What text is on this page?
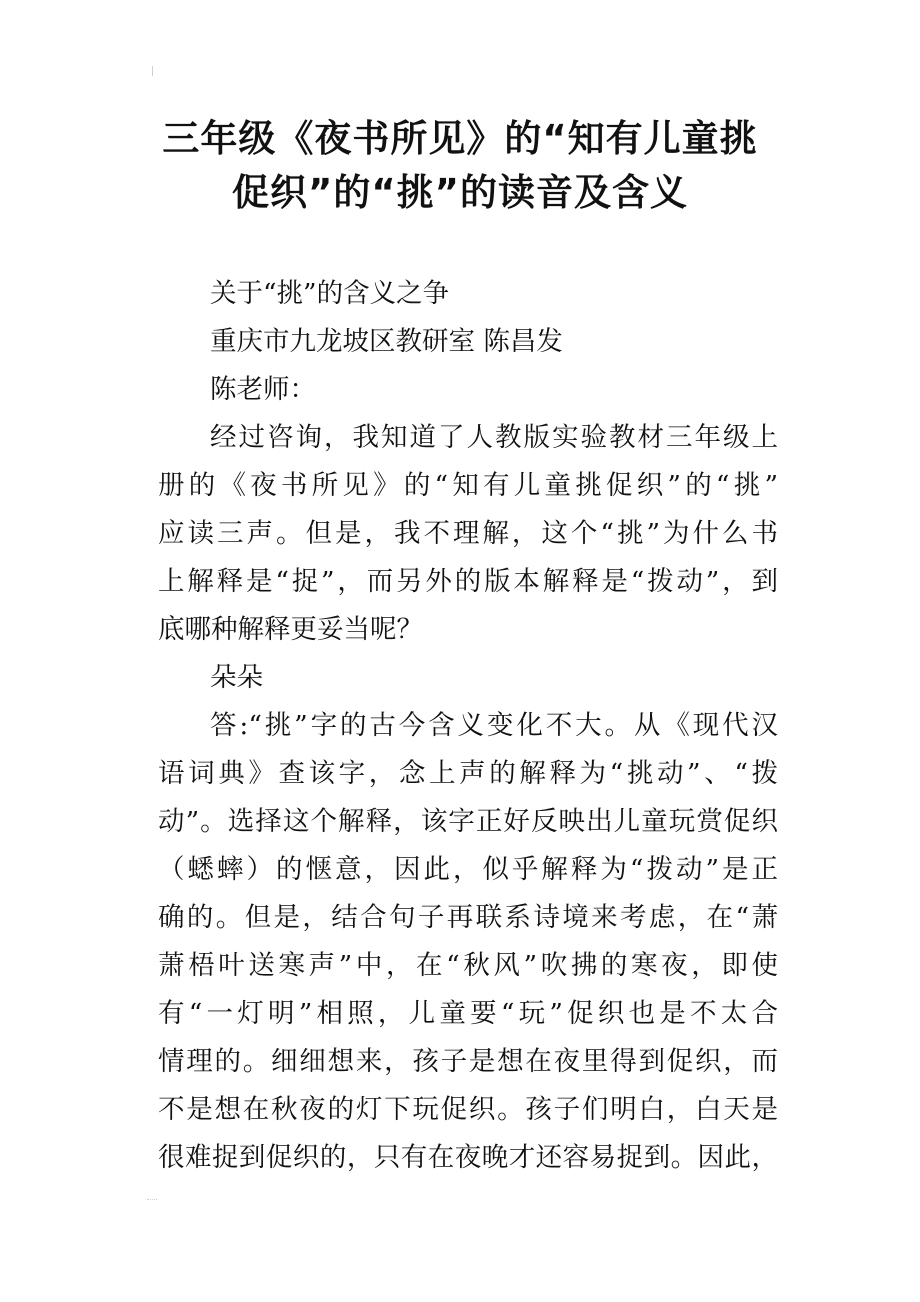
三年级《夜书所见》的“知有儿童挑
促织”的“挑”的读音及含义
关于“挑”的含义之争
重庆市九龙坡区教研室 陈昌发
陈老师：
经过咨询，我知道了人教版实验教材三年级上
册的《夜书所见》的“知有儿童挑促织”的“挑”
应读三声。但是，我不理解，这个“挑”为什么书
上解释是“捉”，而另外的版本解释是“拨动”，到
底哪种解释更妥当呢？
朵朵
答:“挑”字的古今含义变化不大。从《现代汉
语词典》查该字，念上声的解释为“挑动”、“拨
动”。选择这个解释，该字正好反映出儿童玩赏促织
（蟋蟀）的惬意，因此，似乎解释为“拨动”是正
确的。但是，结合句子再联系诗境来考虑，在“萧
萧梧叶送寒声”中，在“秋风”吹拂的寒夜，即使
有“一灯明”相照，儿童要“玩”促织也是不太合
情理的。细细想来，孩子是想在夜里得到促织，而
不是想在秋夜的灯下玩促织。孩子们明白，白天是
很难捉到促织的，只有在夜晚才还容易捉到。因此，
